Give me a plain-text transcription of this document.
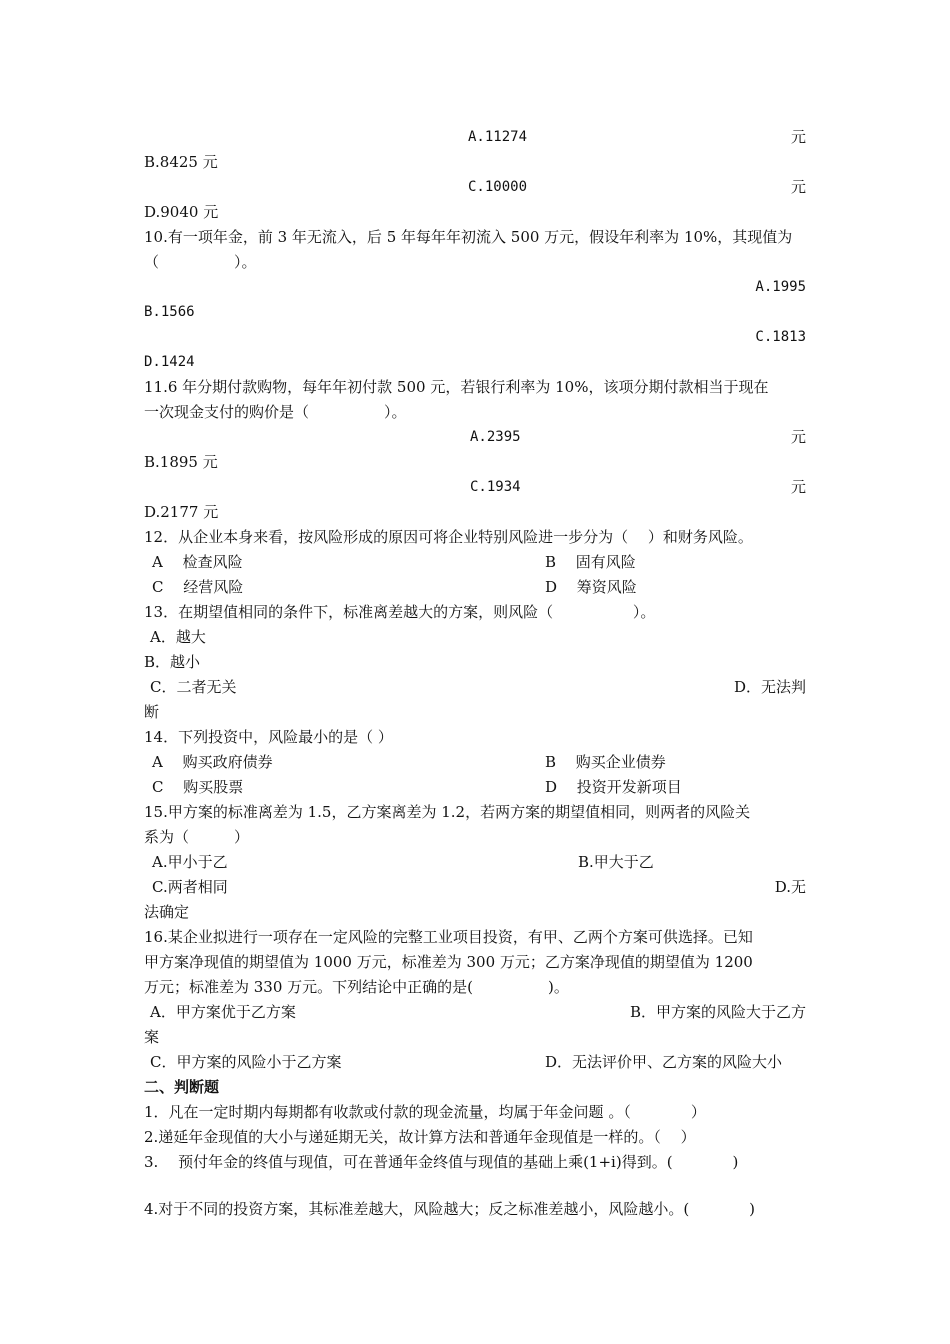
A.11274	元
B.8425 元
C.10000	元
D.9040 元
10.有一项年金，前 3 年无流入，后 5 年每年年初流入 500 万元，假设年利率为 10%，其现值为
（　　　　　）。
A.1995
B.1566
C.1813
D.1424
11.6 年分期付款购物，每年年初付款 500 元，若银行利率为 10%，该项分期付款相当于现在
一次现金支付的购价是（　　　　　）。
A.2395	元
B.1895 元
C.1934	元
D.2177 元
12．从企业本身来看，按风险形成的原因可将企业特别风险进一步分为（　 ）和财务风险。
A　 检查风险	B　 固有风险
C　 经营风险	D　 筹资风险
13．在期望值相同的条件下，标准离差越大的方案，则风险（　　　　　 ）。
A．越大
B．越小
C．二者无关	D．无法判
断
14．下列投资中，风险最小的是（ ）
A　 购买政府债券	B　 购买企业债券
C　 购买股票	D　 投资开发新项目
15.甲方案的标准离差为 1.5，乙方案离差为 1.2，若两方案的期望值相同，则两者的风险关
系为（　　　）
A.甲小于乙	B.甲大于乙
C.两者相同	D.无
法确定
16.某企业拟进行一项存在一定风险的完整工业项目投资，有甲、乙两个方案可供选择。已知
甲方案净现值的期望值为 1000 万元，标准差为 300 万元；乙方案净现值的期望值为 1200
万元；标准差为 330 万元。下列结论中正确的是(　　　　　)。
A．甲方案优于乙方案	B．甲方案的风险大于乙方
案
C．甲方案的风险小于乙方案	D．无法评价甲、乙方案的风险大小
二、判断题
1．凡在一定时期内每期都有收款或付款的现金流量，均属于年金问题 。（　　　　）
2.递延年金现值的大小与递延期无关，故计算方法和普通年金现值是一样的。（　 ）
3.　 预付年金的终值与现值，可在普通年金终值与现值的基础上乘(1+i)得到。(　　　　)
4.对于不同的投资方案，其标准差越大，风险越大；反之标准差越小，风险越小。(　　　　)
